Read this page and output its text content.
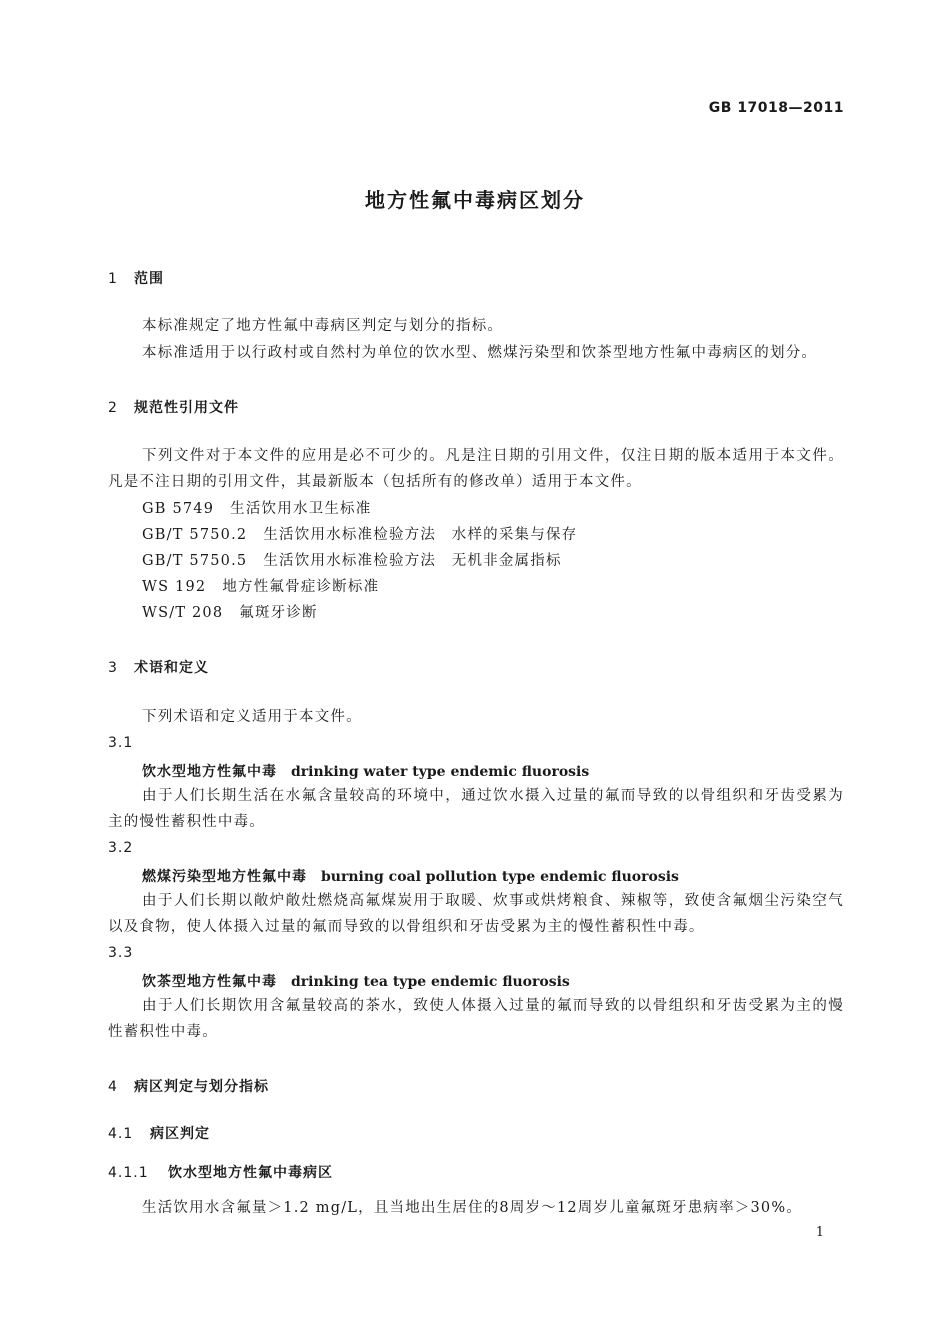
GB 17018—2011
地方性氟中毒病区划分
1 范围
本标准规定了地方性氟中毒病区判定与划分的指标。
本标准适用于以行政村或自然村为单位的饮水型、燃煤污染型和饮茶型地方性氟中毒病区的划分。
2 规范性引用文件
下列文件对于本文件的应用是必不可少的。凡是注日期的引用文件，仅注日期的版本适用于本文件。凡是不注日期的引用文件，其最新版本（包括所有的修改单）适用于本文件。
GB 5749 生活饮用水卫生标准
GB/T 5750.2 生活饮用水标准检验方法　水样的采集与保存
GB/T 5750.5 生活饮用水标准检验方法　无机非金属指标
WS 192 地方性氟骨症诊断标准
WS/T 208 氟斑牙诊断
3 术语和定义
下列术语和定义适用于本文件。
3.1
饮水型地方性氟中毒 drinking water type endemic fluorosis
由于人们长期生活在水氟含量较高的环境中，通过饮水摄入过量的氟而导致的以骨组织和牙齿受累为主的慢性蓄积性中毒。
3.2
燃煤污染型地方性氟中毒 burning coal pollution type endemic fluorosis
由于人们长期以敞炉敞灶燃烧高氟煤炭用于取暖、炊事或烘烤粮食、辣椒等，致使含氟烟尘污染空气以及食物，使人体摄入过量的氟而导致的以骨组织和牙齿受累为主的慢性蓄积性中毒。
3.3
饮茶型地方性氟中毒 drinking tea type endemic fluorosis
由于人们长期饮用含氟量较高的茶水，致使人体摄入过量的氟而导致的以骨组织和牙齿受累为主的慢性蓄积性中毒。
4 病区判定与划分指标
4.1 病区判定
4.1.1 饮水型地方性氟中毒病区
生活饮用水含氟量＞1.2 mg/L，且当地出生居住的8周岁～12周岁儿童氟斑牙患病率＞30%。
1
